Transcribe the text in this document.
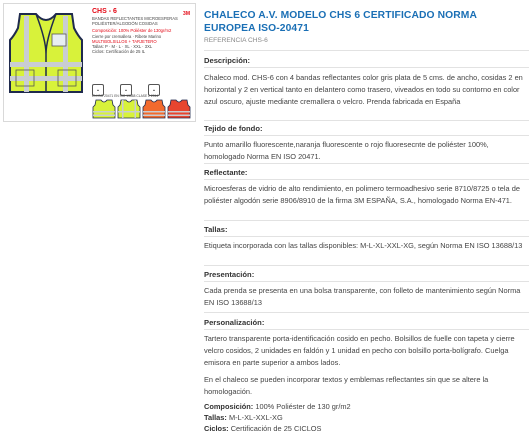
CHS - 6	3M
BANDAS REFLECTANTES MICROESFERAS
POLIÉSTER/ALGODÓN COSIDAS
Composición: 100% Poliéster de 130gr/m2
Cierre por cremallera · Ribete Marino
MULTIBOLSILLOS + TARJETERO
Tallas: P · M · L · XL · XXL · 3XL
Ciclos: Certificación de 25 IL
▲	▲	▲
EN ISO 20471 EN ISO 13688 CLASE 2 2014
CHALECO A.V. MODELO CHS 6 CERTIFICADO NORMA EUROPEA ISO-20471
REFERENCIA CHS-6
Descripción:
Chaleco mod. CHS-6 con 4 bandas reflectantes color gris plata de 5 cms. de ancho, cosidas 2 en horizontal y 2 en vertical tanto en delantero como trasero, viveados en todo su contorno en color azul oscuro, ajuste mediante cremallera o velcro. Prenda fabricada en España
Tejido de fondo:
Punto amarillo fluorescente,naranja fluorescente o rojo fluoresecnte de poliéster 100%, homologado Norma EN ISO 20471.
Reflectante:
Microesferas de vidrio de alto rendimiento, en polimero termoadhesivo serie 8710/8725 o tela de poliéster algodón serie 8906/8910 de la firma 3M ESPAÑA, S.A., homologado Norma EN-471.
Tallas:
Etiqueta incorporada con las tallas disponibles: M-L-XL-XXL-XG, según Norma EN ISO 13688/13
Presentación:
Cada prenda se presenta en una bolsa transparente, con folleto de mantenimiento según Norma EN ISO 13688/13
Personalización:
Tartero transparente porta-identificación cosido en pecho. Bolsillos de fuelle con tapeta y cierre velcro cosidos, 2 unidades en faldón y 1 unidad en pecho con bolsillo porta-bolígrafo. Cuelga emisora en parte superior a ambos lados.
En el chaleco se pueden incorporar textos y emblemas reflectantes sin que se altere la homologación.
Composición: 100% Poliéster de 130 gr/m2
Tallas: M-L-XL-XXL-XG
Ciclos: Certificación de 25 CICLOS
